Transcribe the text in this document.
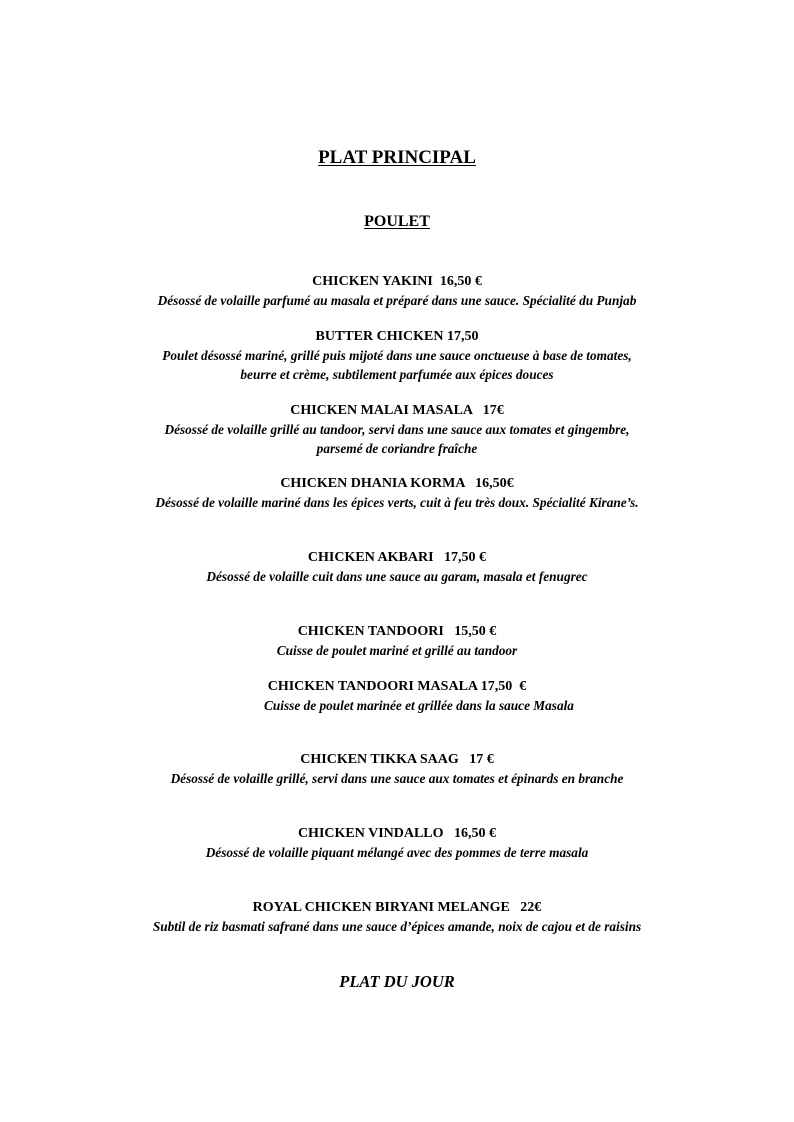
PLAT PRINCIPAL
POULET
CHICKEN YAKINI  16,50 €
Désossé de volaille parfumé au masala et préparé dans une sauce. Spécialité du Punjab
BUTTER CHICKEN 17,50
Poulet désossé mariné, grillé puis mijoté dans une sauce onctueuse à base de tomates,
beurre et crème, subtilement parfumée aux épices douces
CHICKEN MALAI MASALA   17€
Désossé de volaille grillé au tandoor, servi dans une sauce aux tomates et gingembre,
parsemé de coriandre fraîche
CHICKEN DHANIA KORMA   16,50€
Désossé de volaille mariné dans les épices verts, cuit à feu très doux. Spécialité Kirane’s.
CHICKEN AKBARI   17,50 €
Désossé de volaille cuit dans une sauce au garam, masala et fenugrec
CHICKEN TANDOORI   15,50 €
Cuisse de poulet mariné et grillé au tandoor
CHICKEN TANDOORI MASALA 17,50  €
Cuisse de poulet marinée et grillée dans la sauce Masala
CHICKEN TIKKA SAAG   17 €
Désossé de volaille grillé, servi dans une sauce aux tomates et épinards en branche
CHICKEN VINDALLO   16,50 €
Désossé de volaille piquant mélangé avec des pommes de terre masala
ROYAL CHICKEN BIRYANI MELANGE   22€
Subtil de riz basmati safrané dans une sauce d’épices amande, noix de cajou et de raisins
PLAT DU JOUR
